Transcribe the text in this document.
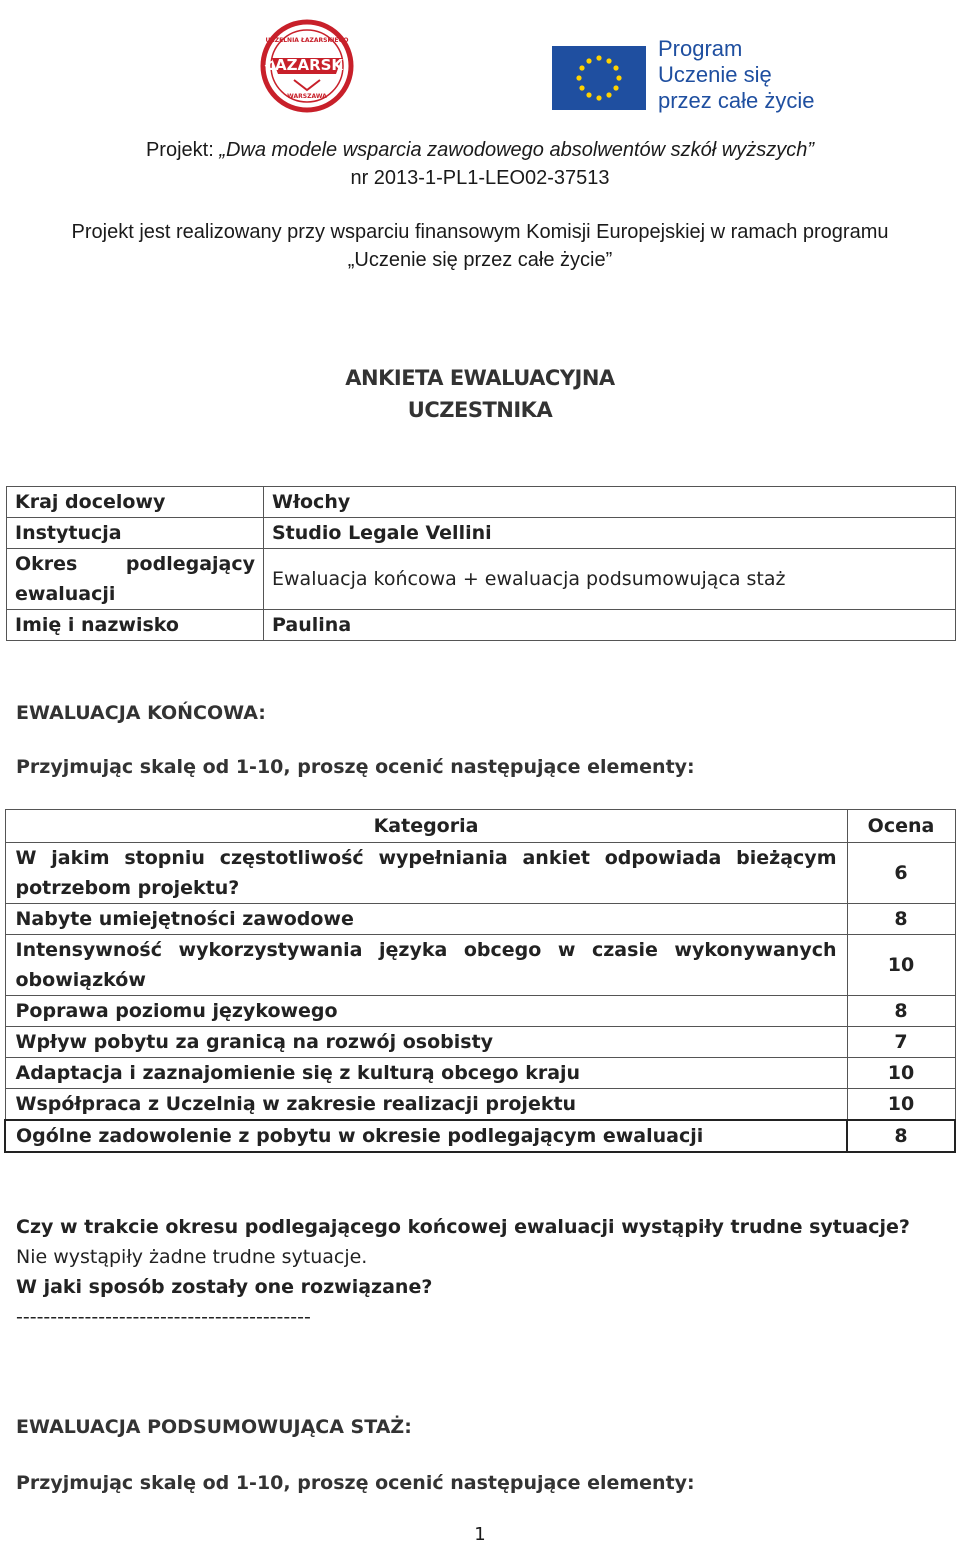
ŁAZARSKI
UCZELNIA ŁAZARSKIEGO
WARSZAWA
Program
Uczenie się
przez całe życie
Projekt: „Dwa modele wsparcia zawodowego absolwentów szkół wyższych”
nr 2013-1-PL1-LEO02-37513
Projekt jest realizowany przy wsparciu finansowym Komisji Europejskiej w ramach programu
„Uczenie się przez całe życie”
ANKIETA EWALUACYJNA
UCZESTNIKA
Kraj docelowy	Włochy
Instytucja	Studio Legale Vellini
Okres podlegający ewaluacji	Ewaluacja końcowa + ewaluacja podsumowująca staż
Imię i nazwisko	Paulina
EWALUACJA KOŃCOWA:
Przyjmując skalę od 1-10, proszę ocenić następujące elementy:
Kategoria	Ocena
W jakim stopniu częstotliwość wypełniania ankiet odpowiada bieżącym potrzebom projektu?	6
Nabyte umiejętności zawodowe	8
Intensywność wykorzystywania języka obcego w czasie wykonywanych obowiązków	10
Poprawa poziomu językowego	8
Wpływ pobytu za granicą na rozwój osobisty	7
Adaptacja i zaznajomienie się z kulturą obcego kraju	10
Współpraca z Uczelnią w zakresie realizacji projektu	10
Ogólne zadowolenie z pobytu w okresie podlegającym ewaluacji	8
Czy w trakcie okresu podlegającego końcowej ewaluacji wystąpiły trudne sytuacje?
Nie wystąpiły żadne trudne sytuacje.
W jaki sposób zostały one rozwiązane?
-------------------------------------------
EWALUACJA PODSUMOWUJĄCA STAŻ:
Przyjmując skalę od 1-10, proszę ocenić następujące elementy:
1
